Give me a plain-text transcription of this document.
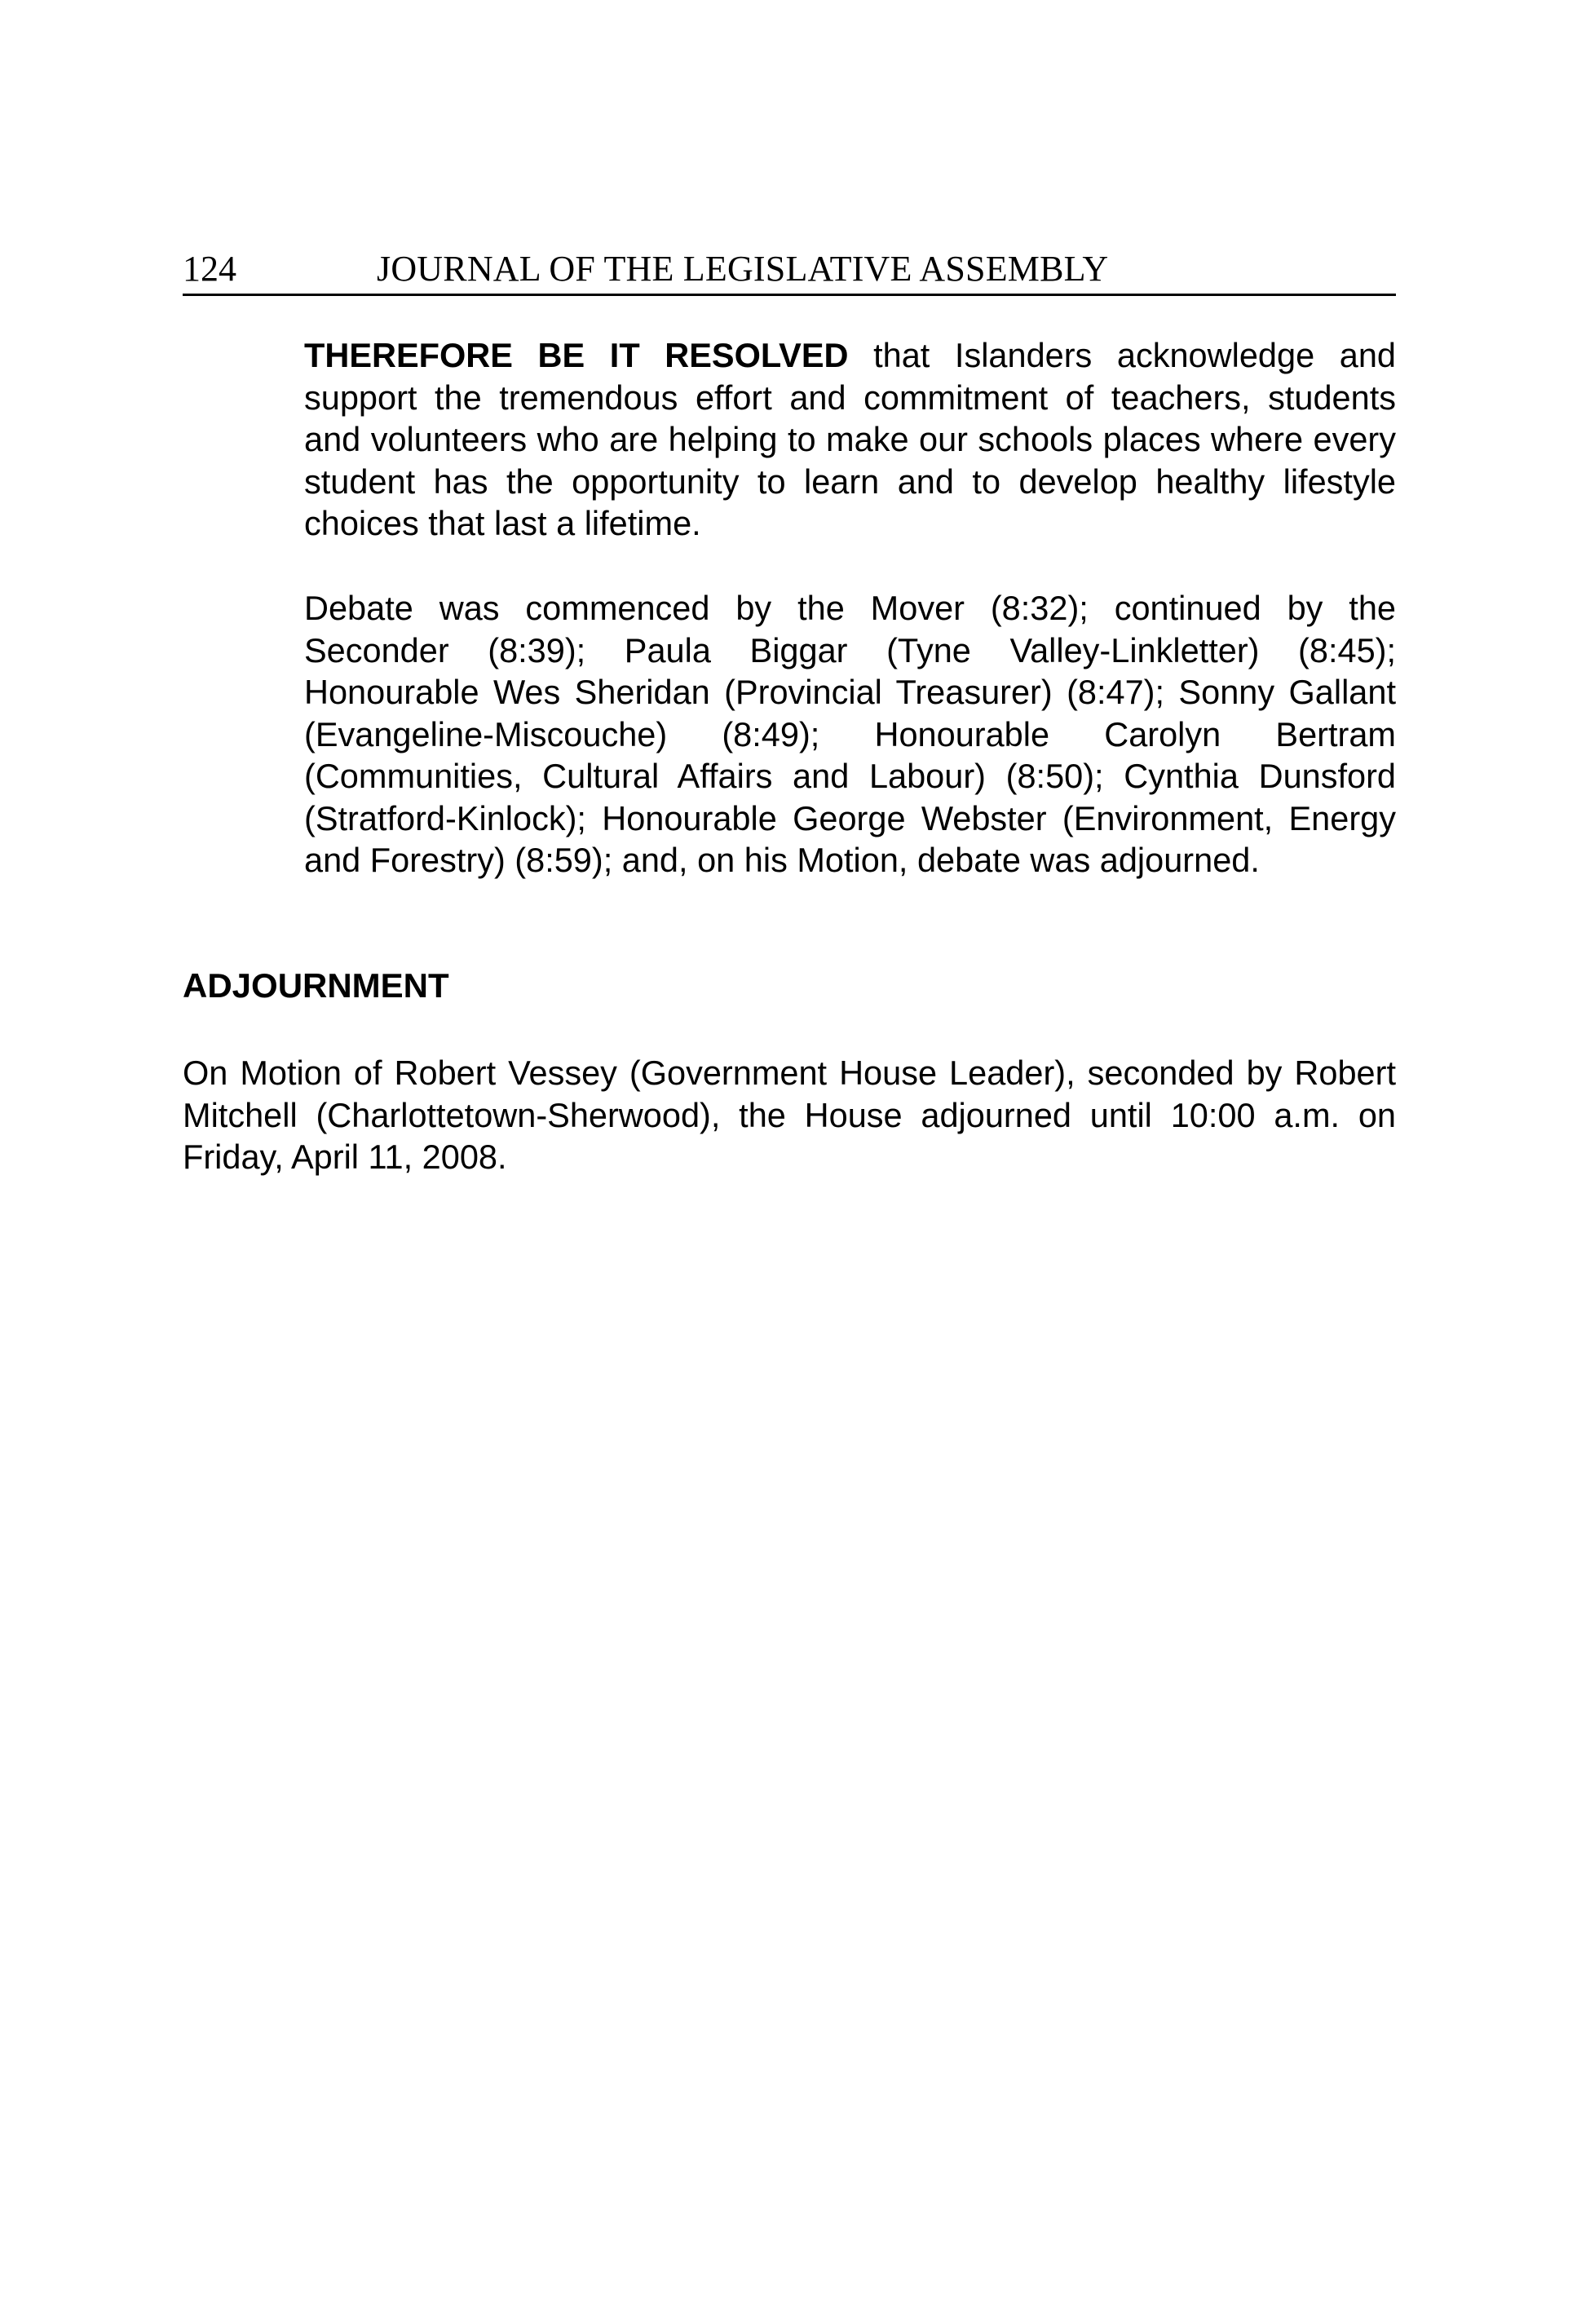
124	JOURNAL OF THE LEGISLATIVE ASSEMBLY

THEREFORE BE IT RESOLVED that Islanders acknowledge and support the tremendous effort and commitment of teachers, students and volunteers who are helping to make our schools places where every student has the opportunity to learn and to develop healthy lifestyle choices that last a lifetime.

Debate was commenced by the Mover (8:32); continued by the Seconder (8:39); Paula Biggar (Tyne Valley-Linkletter) (8:45); Honourable Wes Sheridan (Provincial Treasurer) (8:47); Sonny Gallant (Evangeline-Miscouche) (8:49); Honourable Carolyn Bertram (Communities, Cultural Affairs and Labour) (8:50); Cynthia Dunsford (Stratford-Kinlock); Honourable George Webster (Environment, Energy and Forestry) (8:59); and, on his Motion, debate was adjourned.

ADJOURNMENT

On Motion of Robert Vessey (Government House Leader), seconded by Robert Mitchell (Charlottetown-Sherwood), the House adjourned until 10:00 a.m. on Friday, April 11, 2008.
